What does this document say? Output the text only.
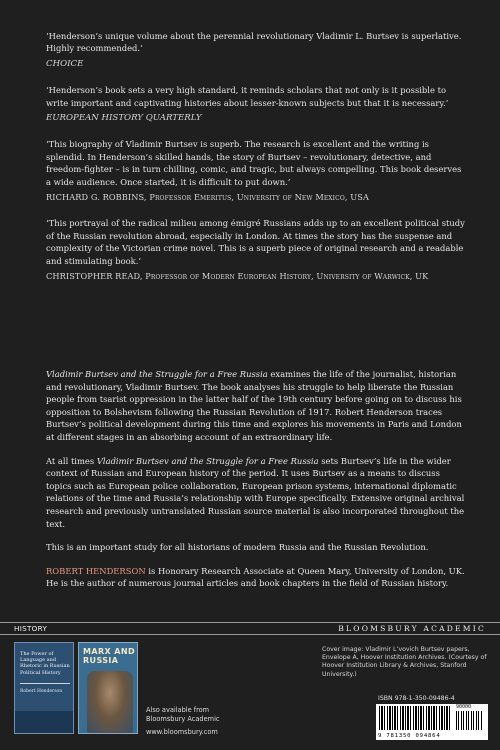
‘Henderson’s unique volume about the perennial revolutionary Vladimir L. Burtsev is superlative. Highly recommended.’

CHOICE

‘Henderson’s book sets a very high standard, it reminds scholars that not only is it possible to write important and captivating histories about lesser-known subjects but that it is necessary.’

EUROPEAN HISTORY QUARTERLY

‘This biography of Vladimir Burtsev is superb. The research is excellent and the writing is splendid. In Henderson’s skilled hands, the story of Burtsev – revolutionary, detective, and freedom-fighter – is in turn chilling, comic, and tragic, but always compelling. This book deserves a wide audience. Once started, it is difficult to put down.’

RICHARD G. ROBBINS, Professor Emeritus, University of New Mexico, USA

‘This portrayal of the radical milieu among émigré Russians adds up to an excellent political study of the Russian revolution abroad, especially in London. At times the story has the suspense and complexity of the Victorian crime novel. This is a superb piece of original research and a readable and stimulating book.’

CHRISTOPHER READ, Professor of Modern European History, University of Warwick, UK

Vladimir Burtsev and the Struggle for a Free Russia examines the life of the journalist, historian and revolutionary, Vladimir Burtsev. The book analyses his struggle to help liberate the Russian people from tsarist oppression in the latter half of the 19th century before going on to discuss his opposition to Bolshevism following the Russian Revolution of 1917. Robert Henderson traces Burtsev’s political development during this time and explores his movements in Paris and London at different stages in an absorbing account of an extraordinary life.

At all times Vladimir Burtsev and the Struggle for a Free Russia sets Burtsev’s life in the wider context of Russian and European history of the period. It uses Burtsev as a means to discuss topics such as European police collaboration, European prison systems, international diplomatic relations of the time and Russia’s relationship with Europe specifically. Extensive original archival research and previously untranslated Russian source material is also incorporated throughout the text.

This is an important study for all historians of modern Russia and the Russian Revolution.

ROBERT HENDERSON is Honorary Research Associate at Queen Mary, University of London, UK. He is the author of numerous journal articles and book chapters in the field of Russian history.

HISTORY	BLOOMSBURY ACADEMIC
The Power of Language and Rhetoric in Russian Political History
Robert Henderson
MARX AND RUSSIA
Also available from
Bloomsbury Academic
www.bloomsbury.com
Cover image: Vladimir L’vovich Burtsev papers, Envelope A, Hoover Institution Archives. (Courtesy of Hoover Institution Library & Archives, Stanford University.)
ISBN 978-1-350-09486-4
90000
9 781350 094864
